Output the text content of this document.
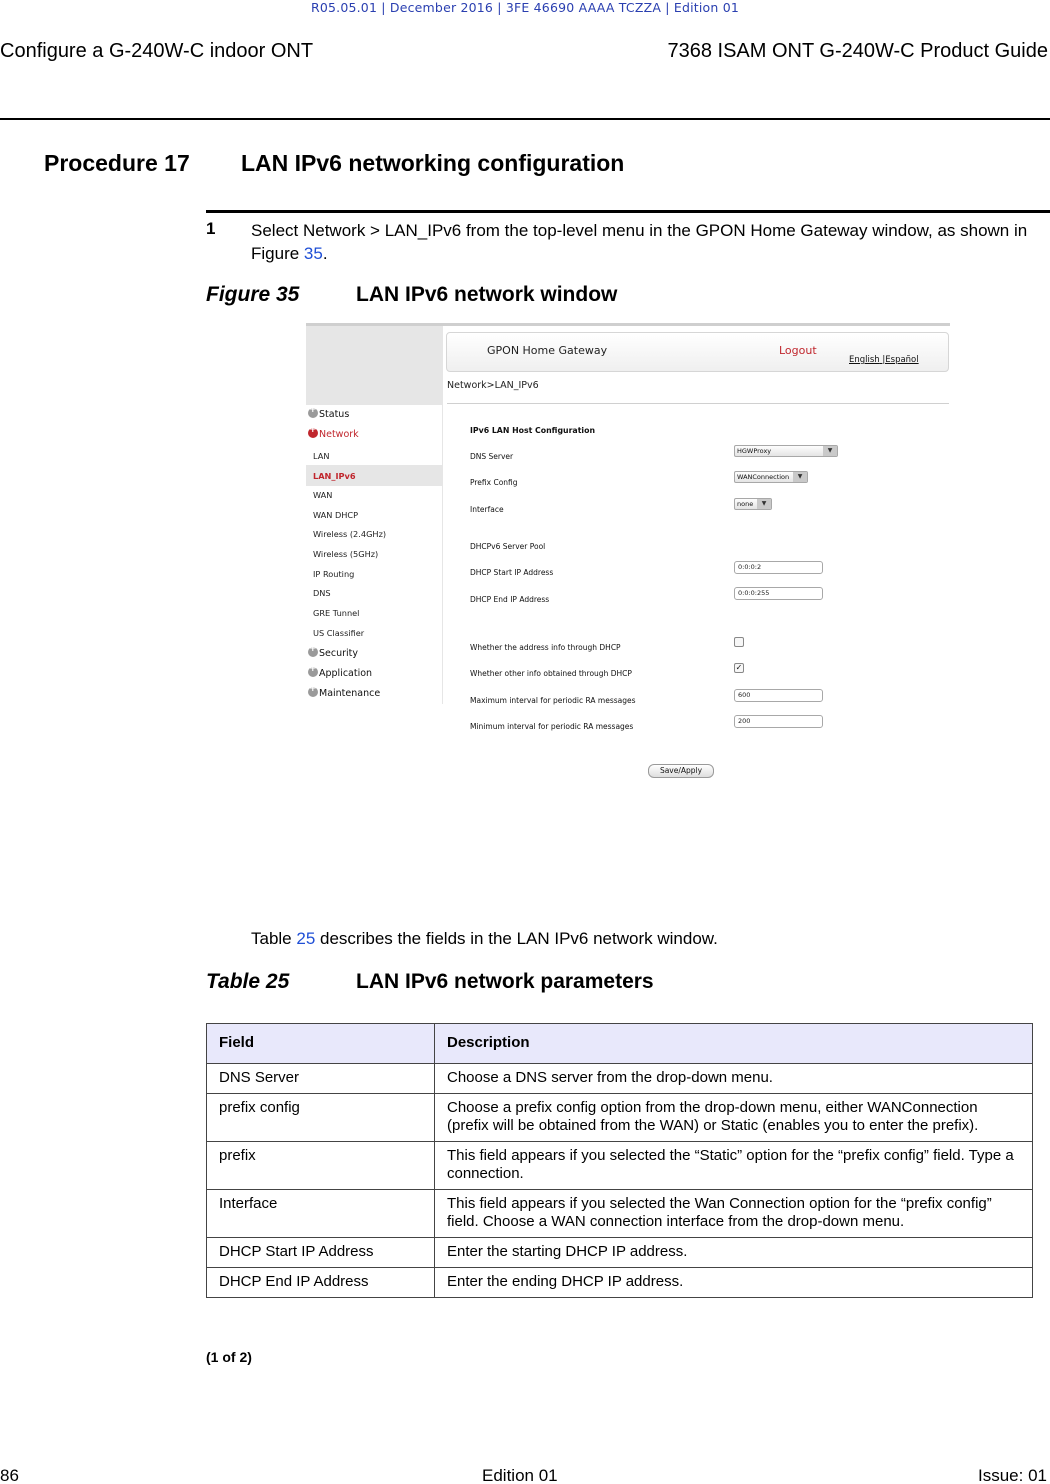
R05.05.01 | December 2016 | 3FE 46690 AAAA TCZZA | Edition 01
Configure a G-240W-C indoor ONT	7368 ISAM ONT G-240W-C Product Guide
Procedure 17 LAN IPv6 networking configuration
1 Select Network > LAN_IPv6 from the top-level menu in the GPON Home Gateway window, as shown in Figure 35.
Figure 35	LAN IPv6 network window
GPON Home Gateway	Logout
English |Español
Network>LAN_IPv6
+Status
+Network
LAN
LAN_IPv6
WAN
WAN DHCP
Wireless (2.4GHz)
Wireless (5GHz)
IP Routing
DNS
GRE Tunnel
US Classifier
+Security
+Application
+Maintenance
IPv6 LAN Host Configuration
DNS Server
HGWProxy	▼
Prefix Config
WANConnection	▼
Interface
none	▼
DHCPv6 Server Pool
DHCP Start IP Address
0:0:0:2
DHCP End IP Address
0:0:0:255
Whether the address info through DHCP
Whether other info obtained through DHCP
✓
Maximum interval for periodic RA messages
600
Minimum interval for periodic RA messages
200
Save/Apply
Table 25 describes the fields in the LAN IPv6 network window.
Table 25	LAN IPv6 network parameters
Field	Description
DNS Server	Choose a DNS server from the drop-down menu.
prefix config	Choose a prefix config option from the drop-down menu, either WANConnection (prefix will be obtained from the WAN) or Static (enables you to enter the prefix).
prefix	This field appears if you selected the “Static” option for the “prefix config” field. Type a connection.
Interface	This field appears if you selected the Wan Connection option for the “prefix config” field. Choose a WAN connection interface from the drop-down menu.
DHCP Start IP Address	Enter the starting DHCP IP address.
DHCP End IP Address	Enter the ending DHCP IP address.
(1 of 2)
86	Edition 01	Issue: 01
